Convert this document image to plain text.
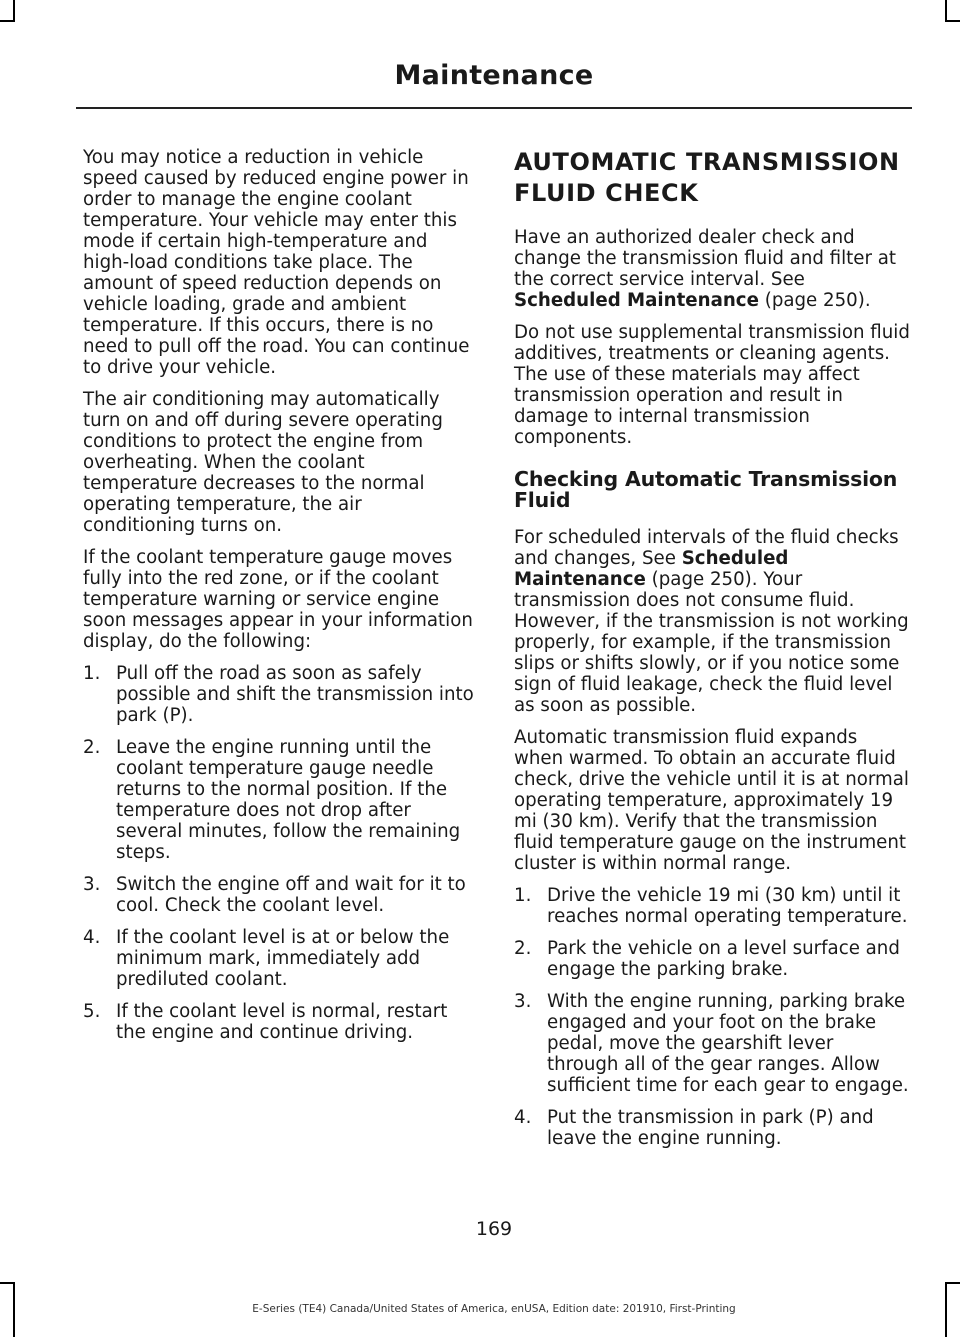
Maintenance

You may notice a reduction in vehicle speed caused by reduced engine power in order to manage the engine coolant temperature. Your vehicle may enter this mode if certain high-temperature and high-load conditions take place. The amount of speed reduction depends on vehicle loading, grade and ambient temperature. If this occurs, there is no need to pull off the road. You can continue to drive your vehicle.

The air conditioning may automatically turn on and off during severe operating conditions to protect the engine from overheating. When the coolant temperature decreases to the normal operating temperature, the air conditioning turns on.

If the coolant temperature gauge moves fully into the red zone, or if the coolant temperature warning or service engine soon messages appear in your information display, do the following:

1. Pull off the road as soon as safely possible and shift the transmission into park (P).
2. Leave the engine running until the coolant temperature gauge needle returns to the normal position. If the temperature does not drop after several minutes, follow the remaining steps.
3. Switch the engine off and wait for it to cool. Check the coolant level.
4. If the coolant level is at or below the minimum mark, immediately add prediluted coolant.
5. If the coolant level is normal, restart the engine and continue driving.
AUTOMATIC TRANSMISSION
FLUID CHECK

Have an authorized dealer check and change the transmission fluid and filter at the correct service interval. See Scheduled Maintenance (page 250).

Do not use supplemental transmission fluid additives, treatments or cleaning agents. The use of these materials may affect transmission operation and result in damage to internal transmission components.

Checking Automatic Transmission Fluid

For scheduled intervals of the fluid checks and changes, See Scheduled Maintenance (page 250). Your transmission does not consume fluid. However, if the transmission is not working properly, for example, if the transmission slips or shifts slowly, or if you notice some sign of fluid leakage, check the fluid level as soon as possible.

Automatic transmission fluid expands when warmed. To obtain an accurate fluid check, drive the vehicle until it is at normal operating temperature, approximately 19 mi (30 km). Verify that the transmission fluid temperature gauge on the instrument cluster is within normal range.

1. Drive the vehicle 19 mi (30 km) until it reaches normal operating temperature.
2. Park the vehicle on a level surface and engage the parking brake.
3. With the engine running, parking brake engaged and your foot on the brake pedal, move the gearshift lever through all of the gear ranges. Allow sufficient time for each gear to engage.
4. Put the transmission in park (P) and leave the engine running.
169
E-Series (TE4) Canada/United States of America, enUSA, Edition date: 201910, First-Printing
